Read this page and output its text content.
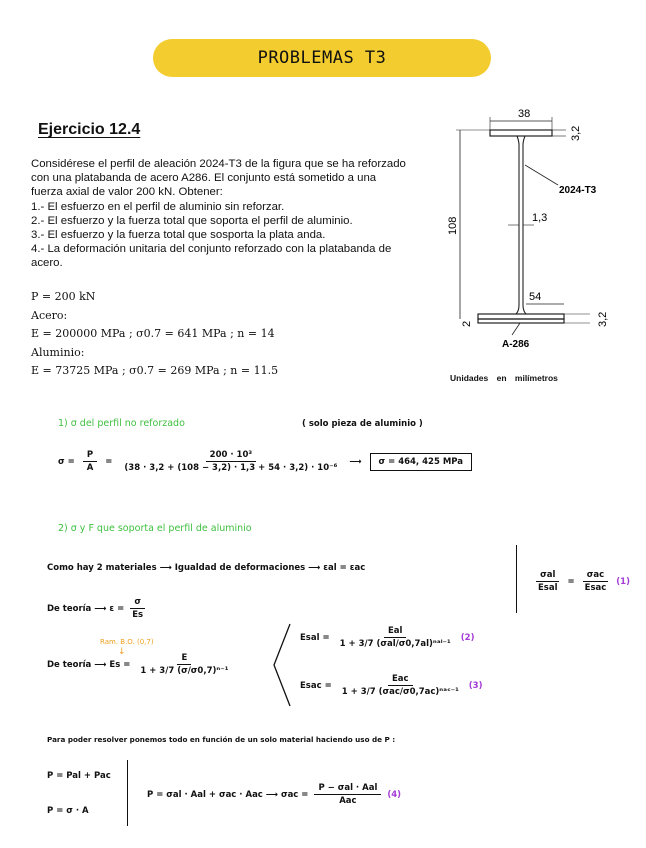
PROBLEMAS T3
Ejercicio 12.4
Considérese el perfil de aleación 2024-T3 de la figura que se ha reforzado
con una platabanda de acero A286. El conjunto está sometido a una
fuerza axial de valor 200 kN. Obtener:
1.- El esfuerzo en el perfil de aluminio sin reforzar.
2.- El esfuerzo y la fuerza total que soporta el perfil de aluminio.
3.- El esfuerzo y la fuerza total que sosporta la plata anda.
4.- La deformación unitaria del conjunto reforzado con la platabanda de
acero.
P = 200 kN
Acero:
E = 200000 MPa ; σ0.7 = 641 MPa ; n = 14
Aluminio:
E = 73725 MPa ; σ0.7 = 269 MPa ; n = 11.5
38
3,2
2024-T3
108	1,3
54
3,2
2
A-286
Unidades en milímetros
1) σ del perfil no reforzado	( solo pieza de aluminio )
$\sigma = \frac{P}{A} = \frac{\text{200 · 10³}}{\text{(38 · 3,2 + (108 − 3,2) · 1,3 + 54 · 3,2) · 10⁻⁶}}$ ⟶	σ = 464, 425 MPa
2) σ y F que soporta el perfil de aluminio
Como hay 2 materiales ⟶ Igualdad de deformaciones ⟶ εal = εac
$\frac{\text{σal}}{\text{Esal}} = \frac{\text{σac}}{\text{Esac}} (1)$
De teoría ⟶ $\varepsilon = \frac{\sigma}{Es}$
Ram. B.O. (0,7)
↓
De teoría ⟶ $Es = \frac{E}{\text{1 + 3/7 (σ/σ0,7)ⁿ⁻¹}}$
Esal = $\frac{\text{Eal}}{\text{1 + 3/7 (σal/σ0,7al)ⁿᵃˡ⁻¹}} (2)$
Esac = $\frac{\text{Eac}}{\text{1 + 3/7 (σac/σ0,7ac)ⁿᵃᶜ⁻¹}} (3)$
Para poder resolver ponemos todo en función de un solo material haciendo uso de P :
P = Pal + Pac
P = σ · A
P = σal · Aal + σac · Aac ⟶ $\sigma ac = \frac{\text{P − σal · Aal}}{\text{Aac}} (4)$
